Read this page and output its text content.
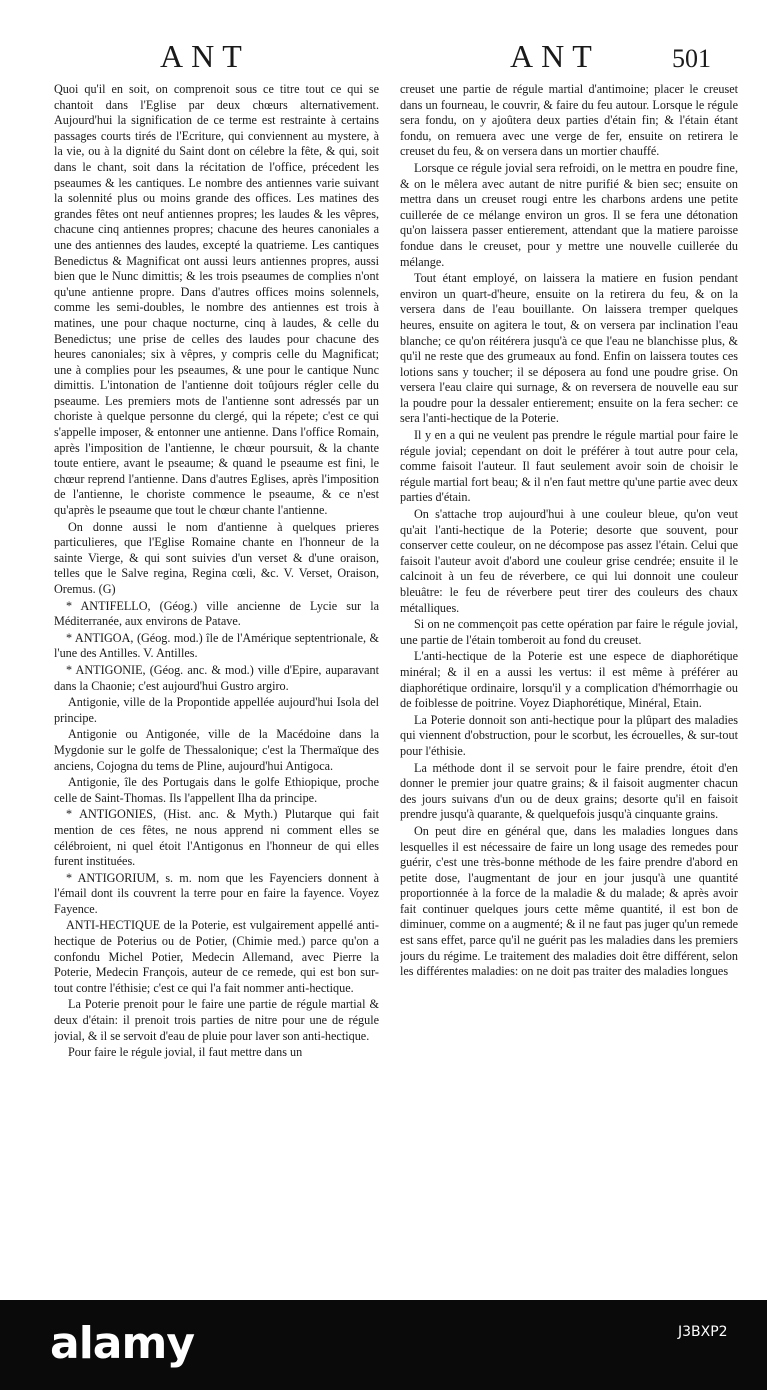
ANT	ANT	501

Quoi qu'il en soit, on comprenoit sous ce titre tout ce qui se chantoit dans l'Eglise par deux chœurs alternativement. Aujourd'hui la signification de ce terme est restrainte à certains passages courts tirés de l'Ecriture, qui conviennent au mystere, à la vie, ou à la dignité du Saint dont on célebre la fête, & qui, soit dans le chant, soit dans la récitation de l'office, précedent les pseaumes & les cantiques. Le nombre des antiennes varie suivant la solennité plus ou moins grande des offices. Les matines des grandes fêtes ont neuf antiennes propres; les laudes & les vêpres, chacune cinq antiennes propres; chacune des heures canoniales a une des antiennes des laudes, excepté la quatrieme. Les cantiques Benedictus & Magnificat ont aussi leurs antiennes propres, aussi bien que le Nunc dimittis; & les trois pseaumes de complies n'ont qu'une antienne propre. Dans d'autres offices moins solennels, comme les semi-doubles, le nombre des antiennes est trois à matines, une pour chaque nocturne, cinq à laudes, & celle du Benedictus; une prise de celles des laudes pour chacune des heures canoniales; six à vêpres, y compris celle du Magnificat; une à complies pour les pseaumes, & une pour le cantique Nunc dimittis. L'intonation de l'antienne doit toûjours régler celle du pseaume. Les premiers mots de l'antienne sont adressés par un choriste à quelque personne du clergé, qui la répete; c'est ce qui s'appelle imposer, & entonner une antienne. Dans l'office Romain, après l'imposition de l'antienne, le chœur poursuit, & la chante toute entiere, avant le pseaume; & quand le pseaume est fini, le chœur reprend l'antienne. Dans d'autres Eglises, après l'imposition de l'antienne, le choriste commence le pseaume, & ce n'est qu'après le pseaume que tout le chœur chante l'antienne.

On donne aussi le nom d'antienne à quelques prieres particulieres, que l'Eglise Romaine chante en l'honneur de la sainte Vierge, & qui sont suivies d'un verset & d'une oraison, telles que le Salve regina, Regina cœli, &c. V. Verset, Oraison, Oremus. (G)

* ANTIFELLO, (Géog.) ville ancienne de Lycie sur la Méditerranée, aux environs de Patave.

* ANTIGOA, (Géog. mod.) île de l'Amérique septentrionale, & l'une des Antilles. V. Antilles.

* ANTIGONIE, (Géog. anc. & mod.) ville d'Epire, auparavant dans la Chaonie; c'est aujourd'hui Gustro argiro.

Antigonie, ville de la Propontide appellée aujourd'hui Isola del principe.

Antigonie ou Antigonée, ville de la Macédoine dans la Mygdonie sur le golfe de Thessalonique; c'est la Thermaïque des anciens, Cojogna du tems de Pline, aujourd'hui Antigoca.

Antigonie, île des Portugais dans le golfe Ethiopique, proche celle de Saint-Thomas. Ils l'appellent Ilha da principe.

* ANTIGONIES, (Hist. anc. & Myth.) Plutarque qui fait mention de ces fêtes, ne nous apprend ni comment elles se célébroient, ni quel étoit l'Antigonus en l'honneur de qui elles furent instituées.

* ANTIGORIUM, s. m. nom que les Fayenciers donnent à l'émail dont ils couvrent la terre pour en faire la fayence. Voyez Fayence.

ANTI-HECTIQUE de la Poterie, est vulgairement appellé anti-hectique de Poterius ou de Potier, (Chimie med.) parce qu'on a confondu Michel Potier, Medecin Allemand, avec Pierre la Poterie, Medecin François, auteur de ce remede, qui est bon sur-tout contre l'éthisie; c'est ce qui l'a fait nommer anti-hectique.

La Poterie prenoit pour le faire une partie de régule martial & deux d'étain: il prenoit trois parties de nitre pour une de régule jovial, & il se servoit d'eau de pluie pour laver son anti-hectique.

Pour faire le régule jovial, il faut mettre dans un

creuset une partie de régule martial d'antimoine; placer le creuset dans un fourneau, le couvrir, & faire du feu autour. Lorsque le régule sera fondu, on y ajoûtera deux parties d'étain fin; & l'étain étant fondu, on remuera avec une verge de fer, ensuite on retirera le creuset du feu, & on versera dans un mortier chauffé.

Lorsque ce régule jovial sera refroidi, on le mettra en poudre fine, & on le mêlera avec autant de nitre purifié & bien sec; ensuite on mettra dans un creuset rougi entre les charbons ardens une petite cuillerée de ce mélange environ un gros. Il se fera une détonation qu'on laissera passer entierement, attendant que la matiere paroisse fondue dans le creuset, pour y mettre une nouvelle cuillerée du mélange.

Tout étant employé, on laissera la matiere en fusion pendant environ un quart-d'heure, ensuite on la retirera du feu, & on la versera dans de l'eau bouillante. On laissera tremper quelques heures, ensuite on agitera le tout, & on versera par inclination l'eau blanche; ce qu'on réitérera jusqu'à ce que l'eau ne blanchisse plus, & qu'il ne reste que des grumeaux au fond. Enfin on laissera toutes ces lotions sans y toucher; il se déposera au fond une poudre grise. On versera l'eau claire qui surnage, & on reversera de nouvelle eau sur la poudre pour la dessaler entierement; ensuite on la fera secher: ce sera l'anti-hectique de la Poterie.

Il y en a qui ne veulent pas prendre le régule martial pour faire le régule jovial; cependant on doit le préférer à tout autre pour cela, comme faisoit l'auteur. Il faut seulement avoir soin de choisir le régule martial fort beau; & il n'en faut mettre qu'une partie avec deux parties d'étain.

On s'attache trop aujourd'hui à une couleur bleue, qu'on veut qu'ait l'anti-hectique de la Poterie; desorte que souvent, pour conserver cette couleur, on ne décompose pas assez l'étain. Celui que faisoit l'auteur avoit d'abord une couleur grise cendrée; ensuite il le calcinoit à un feu de réverbere, ce qui lui donnoit une couleur bleuâtre: le feu de réverbere peut tirer des couleurs des chaux métalliques.

Si on ne commençoit pas cette opération par faire le régule jovial, une partie de l'étain tomberoit au fond du creuset.

L'anti-hectique de la Poterie est une espece de diaphorétique minéral; & il en a aussi les vertus: il est même à préférer au diaphorétique ordinaire, lorsqu'il y a complication d'hémorrhagie ou de foiblesse de poitrine. Voyez Diaphorétique, Minéral, Etain.

La Poterie donnoit son anti-hectique pour la plûpart des maladies qui viennent d'obstruction, pour le scorbut, les écrouelles, & sur-tout pour l'éthisie.

La méthode dont il se servoit pour le faire prendre, étoit d'en donner le premier jour quatre grains; & il faisoit augmenter chacun des jours suivans d'un ou de deux grains; desorte qu'il en faisoit prendre jusqu'à quarante, & quelquefois jusqu'à cinquante grains.

On peut dire en général que, dans les maladies longues dans lesquelles il est nécessaire de faire un long usage des remedes pour guérir, c'est une très-bonne méthode de les faire prendre d'abord en petite dose, l'augmentant de jour en jour jusqu'à une quantité proportionnée à la force de la maladie & du malade; & après avoir fait continuer quelques jours cette même quantité, il est bon de diminuer, comme on a augmenté; & il ne faut pas juger qu'un remede est sans effet, parce qu'il ne guérit pas les maladies dans les premiers jours du régime. Le traitement des maladies doit être différent, selon les différentes maladies: on ne doit pas traiter des maladies longues

alamy	J3BXP2
